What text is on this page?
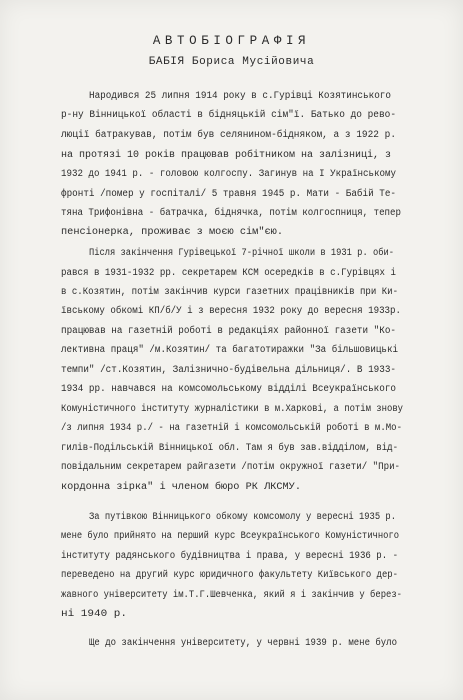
АВТОБІОГРАФІЯ
БАБІЯ Бориса Мусійовича
Народився 25 липня 1914 року в с.Гурівці Козятинського
р-ну Вінницької області в бідняцькій сім"ї. Батько до рево-
люції батракував, потім був селянином-бідняком, а з 1922 р.
на протязі 10 років працював робітником на залізниці, з
1932 до 1941 р. - головою колгоспу. Загинув на І Українському
фронті /помер у госпіталі/ 5 травня 1945 р. Мати - Бабій Те-
тяна Трифонівна - батрачка, біднячка, потім колгоспниця, тепер
пенсіонерка, проживає з моєю сім"єю.
Після закінчення Гурівецької 7-річної школи в 1931 р. оби-
рався в 1931-1932 рр. секретарем КСМ осередків в с.Гурівцях і
в с.Козятин, потім закінчив курси газетних працівників при Ки-
ївському обкомі КП/б/У і з вересня 1932 року до вересня 1933р.
працював на газетній роботі в редакціях районної газети "Ко-
лективна праця" /м.Козятин/ та багатотиражки "За більшовицькі
темпи" /ст.Козятин, Залізнично-будівельна дільниця/. В 1933-
1934 рр. навчався на комсомольському відділі Всеукраїнського
Комуністичного інституту журналістики в м.Харкові, а потім знову
/з липня 1934 р./ - на газетній і комсомольській роботі в м.Мо-
гилів-Подільській Вінницької обл. Там я був зав.відділом, від-
повідальним секретарем райгазети /потім окружної газети/ "При-
кордонна зірка" і членом бюро РК ЛКСМУ.
За путівкою Вінницького обкому комсомолу у вересні 1935 р.
мене було прийнято на перший курс Всеукраїнського Комуністичного
інституту радянського будівництва і права, у вересні 1936 р. -
переведено на другий курс юридичного факультету Київського дер-
жавного університету ім.Т.Г.Шевченка, який я і закінчив у берез-
ні 1940 р.
Ще до закінчення університету, у червні 1939 р. мене було
